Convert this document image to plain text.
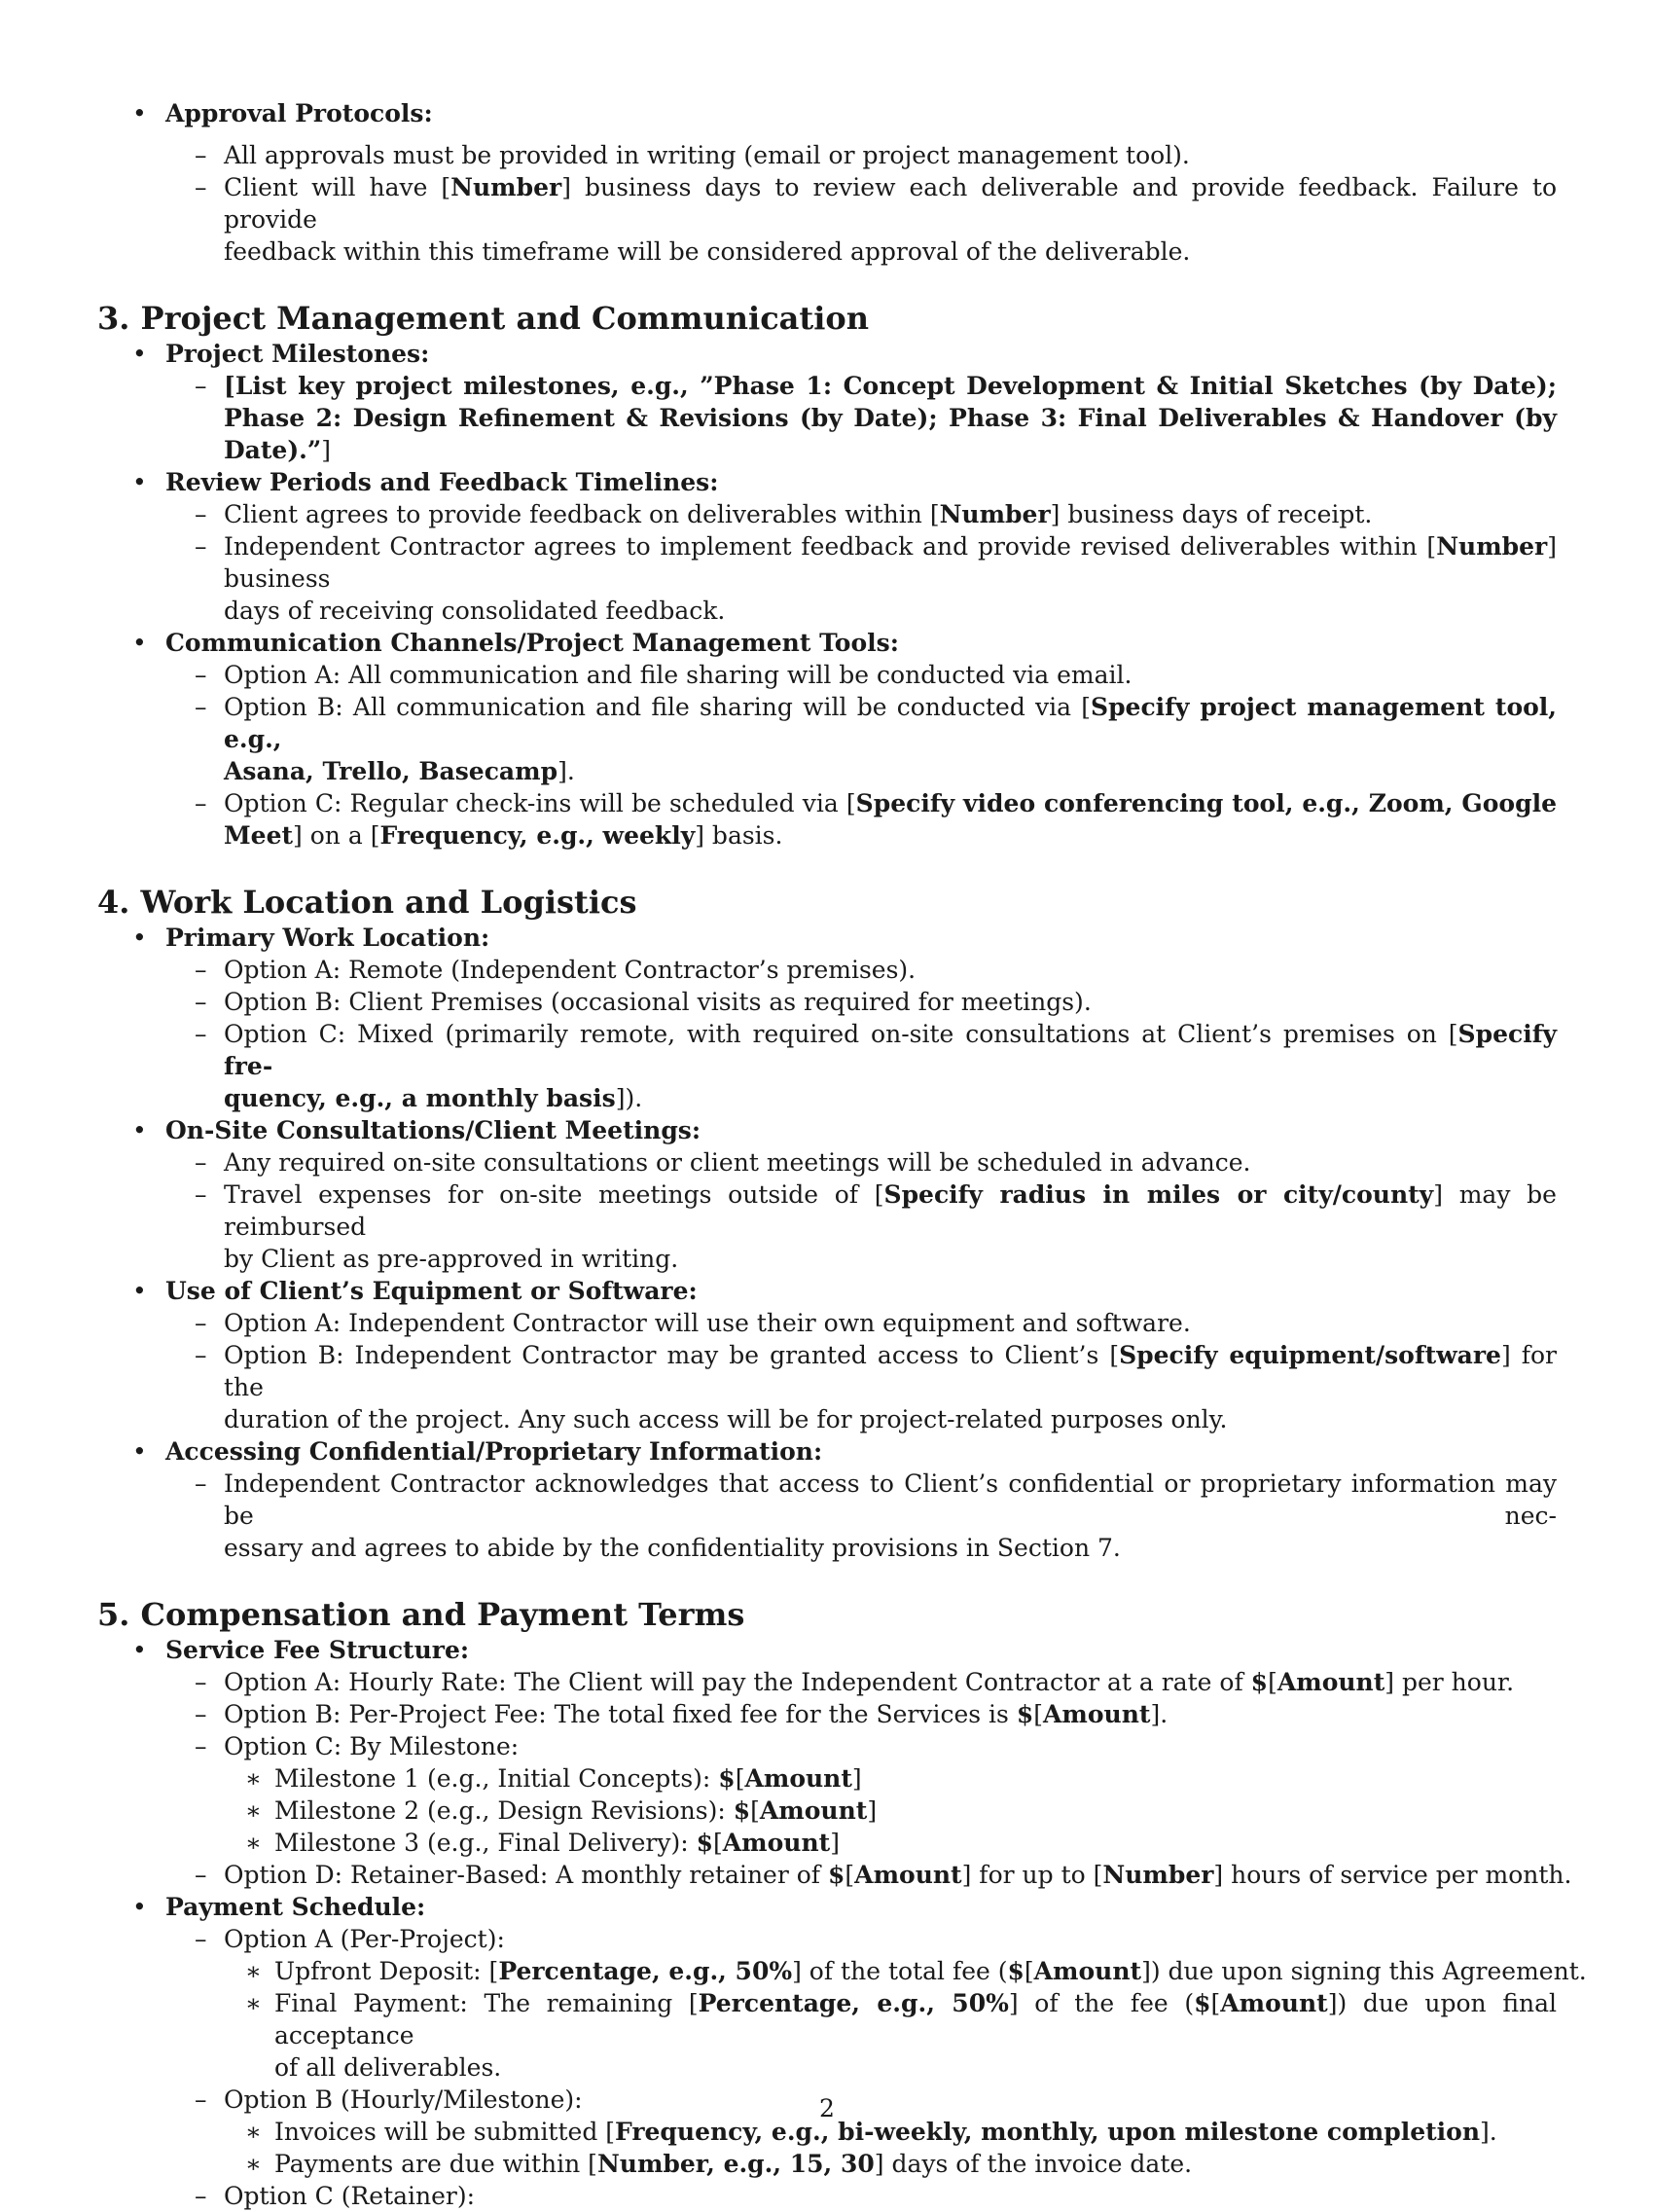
• Approval Protocols:
– All approvals must be provided in writing (email or project management tool).
– Client will have [Number] business days to review each deliverable and provide feedback. Failure to provide
feedback within this timeframe will be considered approval of the deliverable.
3. Project Management and Communication
• Project Milestones:
– [List key project milestones, e.g., ”Phase 1: Concept Development & Initial Sketches (by Date);
Phase 2: Design Refinement & Revisions (by Date); Phase 3: Final Deliverables & Handover (by
Date).”]
• Review Periods and Feedback Timelines:
– Client agrees to provide feedback on deliverables within [Number] business days of receipt.
– Independent Contractor agrees to implement feedback and provide revised deliverables within [Number] business
days of receiving consolidated feedback.
• Communication Channels/Project Management Tools:
– Option A: All communication and file sharing will be conducted via email.
– Option B: All communication and file sharing will be conducted via [Specify project management tool, e.g.,
Asana, Trello, Basecamp].
– Option C: Regular check-ins will be scheduled via [Specify video conferencing tool, e.g., Zoom, Google
Meet] on a [Frequency, e.g., weekly] basis.
4. Work Location and Logistics
• Primary Work Location:
– Option A: Remote (Independent Contractor’s premises).
– Option B: Client Premises (occasional visits as required for meetings).
– Option C: Mixed (primarily remote, with required on-site consultations at Client’s premises on [Specify fre-
quency, e.g., a monthly basis]).
• On-Site Consultations/Client Meetings:
– Any required on-site consultations or client meetings will be scheduled in advance.
– Travel expenses for on-site meetings outside of [Specify radius in miles or city/county] may be reimbursed
by Client as pre-approved in writing.
• Use of Client’s Equipment or Software:
– Option A: Independent Contractor will use their own equipment and software.
– Option B: Independent Contractor may be granted access to Client’s [Specify equipment/software] for the
duration of the project. Any such access will be for project-related purposes only.
• Accessing Confidential/Proprietary Information:
– Independent Contractor acknowledges that access to Client’s confidential or proprietary information may be nec-
essary and agrees to abide by the confidentiality provisions in Section 7.
5. Compensation and Payment Terms
• Service Fee Structure:
– Option A: Hourly Rate: The Client will pay the Independent Contractor at a rate of $[Amount] per hour.
– Option B: Per-Project Fee: The total fixed fee for the Services is $[Amount].
– Option C: By Milestone:
∗ Milestone 1 (e.g., Initial Concepts): $[Amount]
∗ Milestone 2 (e.g., Design Revisions): $[Amount]
∗ Milestone 3 (e.g., Final Delivery): $[Amount]
– Option D: Retainer-Based: A monthly retainer of $[Amount] for up to [Number] hours of service per month.
• Payment Schedule:
– Option A (Per-Project):
∗ Upfront Deposit: [Percentage, e.g., 50%] of the total fee ($[Amount]) due upon signing this Agreement.
∗ Final Payment: The remaining [Percentage, e.g., 50%] of the fee ($[Amount]) due upon final acceptance
of all deliverables.
– Option B (Hourly/Milestone):
∗ Invoices will be submitted [Frequency, e.g., bi-weekly, monthly, upon milestone completion].
∗ Payments are due within [Number, e.g., 15, 30] days of the invoice date.
– Option C (Retainer):
2
